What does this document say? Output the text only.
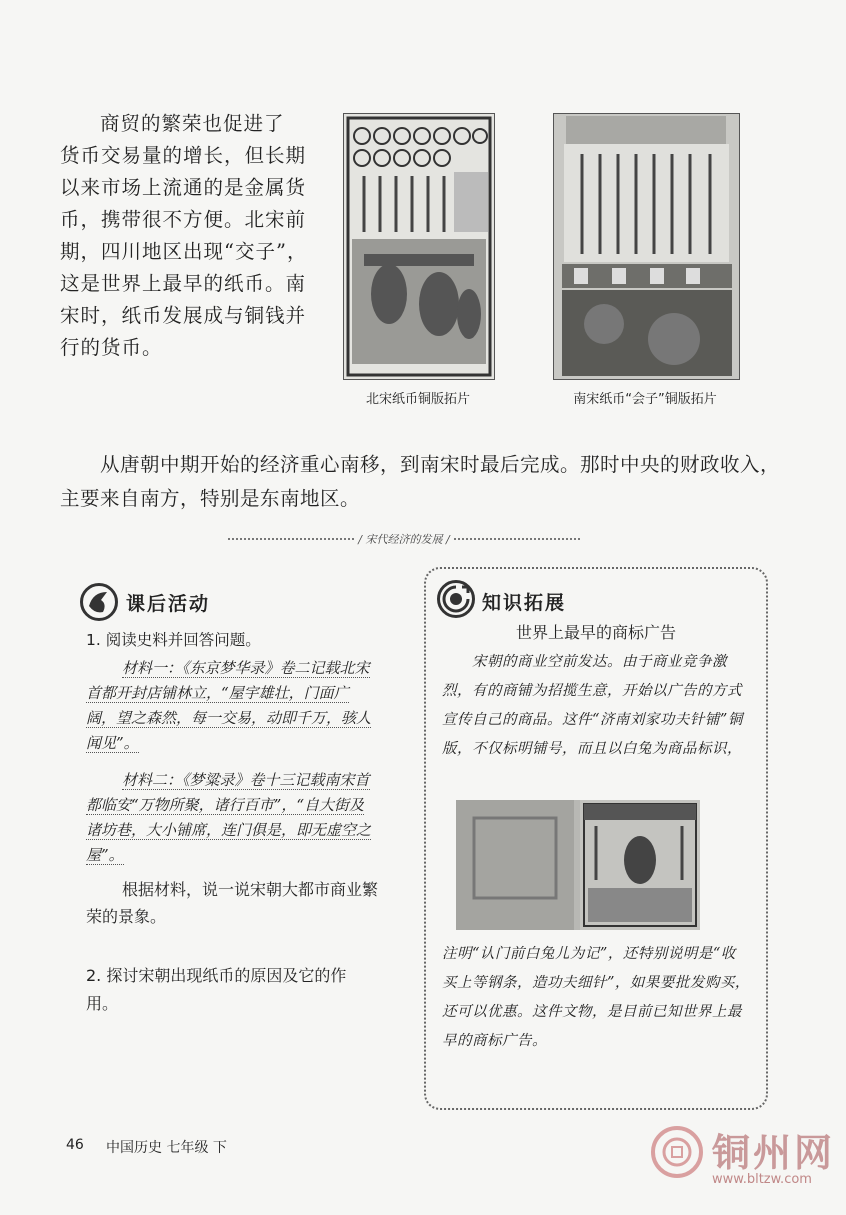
商贸的繁荣也促进了
货币交易量的增长，但长期以来市场上流通的是金属货币，携带很不方便。北宋前期，四川地区出现“交子”，这是世界上最早的纸币。南宋时，纸币发展成与铜钱并行的货币。
北宋纸币铜版拓片	南宋纸币“会子”铜版拓片
从唐朝中期开始的经济重心南移，到南宋时最后完成。那时中央的财政收入，主要来自南方，特别是东南地区。
/ 宋代经济的发展 /
课后活动
1. 阅读史料并回答问题。
材料一：《东京梦华录》卷二记载北宋首都开封店铺林立，“屋宇雄壮，门面广阔，望之森然，每一交易，动即千万，骇人闻见”。
材料二：《梦粱录》卷十三记载南宋首都临安“万物所聚，诸行百市”，“自大街及诸坊巷，大小铺席，连门俱是，即无虚空之屋”。
根据材料，说一说宋朝大都市商业繁荣的景象。
2. 探讨宋朝出现纸币的原因及它的作用。
知识拓展
世界上最早的商标广告
宋朝的商业空前发达。由于商业竞争激烈，有的商铺为招揽生意，开始以广告的方式宣传自己的商品。这件“济南刘家功夫针铺”铜版，不仅标明铺号，而且以白兔为商品标识，
注明“认门前白兔儿为记”，还特别说明是“收买上等钢条，造功夫细针”，如果要批发购买，还可以优惠。这件文物，是目前已知世界上最早的商标广告。
46 中国历史 七年级 下	铜州网
www.bltzw.com
